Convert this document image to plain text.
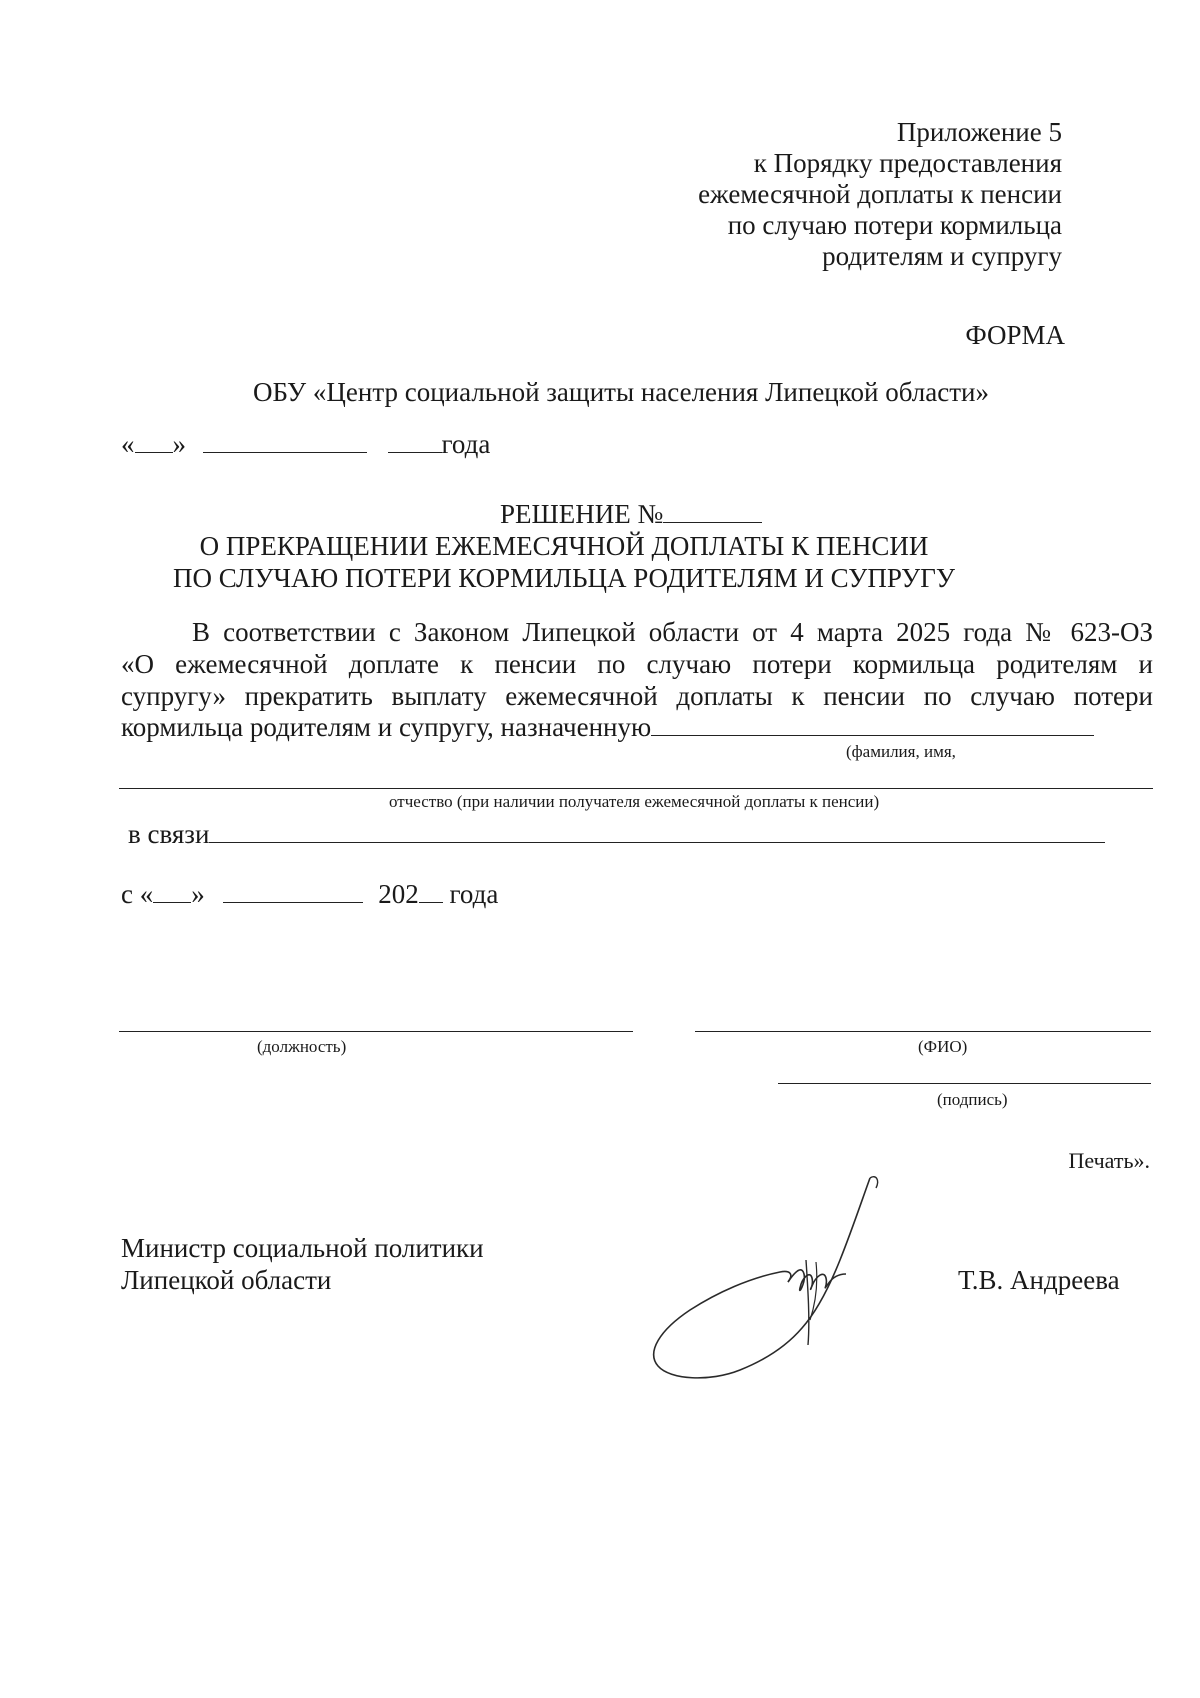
Приложение 5
к Порядку предоставления
ежемесячной доплаты к пенсии
по случаю потери кормильца
родителям и супругу
ФОРМА
ОБУ «Центр социальной защиты населения Липецкой области»
« »	года
РЕШЕНИЕ №
О ПРЕКРАЩЕНИИ ЕЖЕМЕСЯЧНОЙ ДОПЛАТЫ К ПЕНСИИ
ПО СЛУЧАЮ ПОТЕРИ КОРМИЛЬЦА РОДИТЕЛЯМ И СУПРУГУ
В соответствии с Законом Липецкой области от 4 марта 2025 года № 623-ОЗ
«О ежемесячной доплате к пенсии по случаю потери кормильца родителям и
супругу» прекратить выплату ежемесячной доплаты к пенсии по случаю потери
кормильца родителям и супругу, назначенную
(фамилия, имя,
отчество (при наличии получателя ежемесячной доплаты к пенсии)
в связи
с « »	202 года
(должность)	(ФИО)
(подпись)
Печать».
Министр социальной политики
Липецкой области	Т.В. Андреева
